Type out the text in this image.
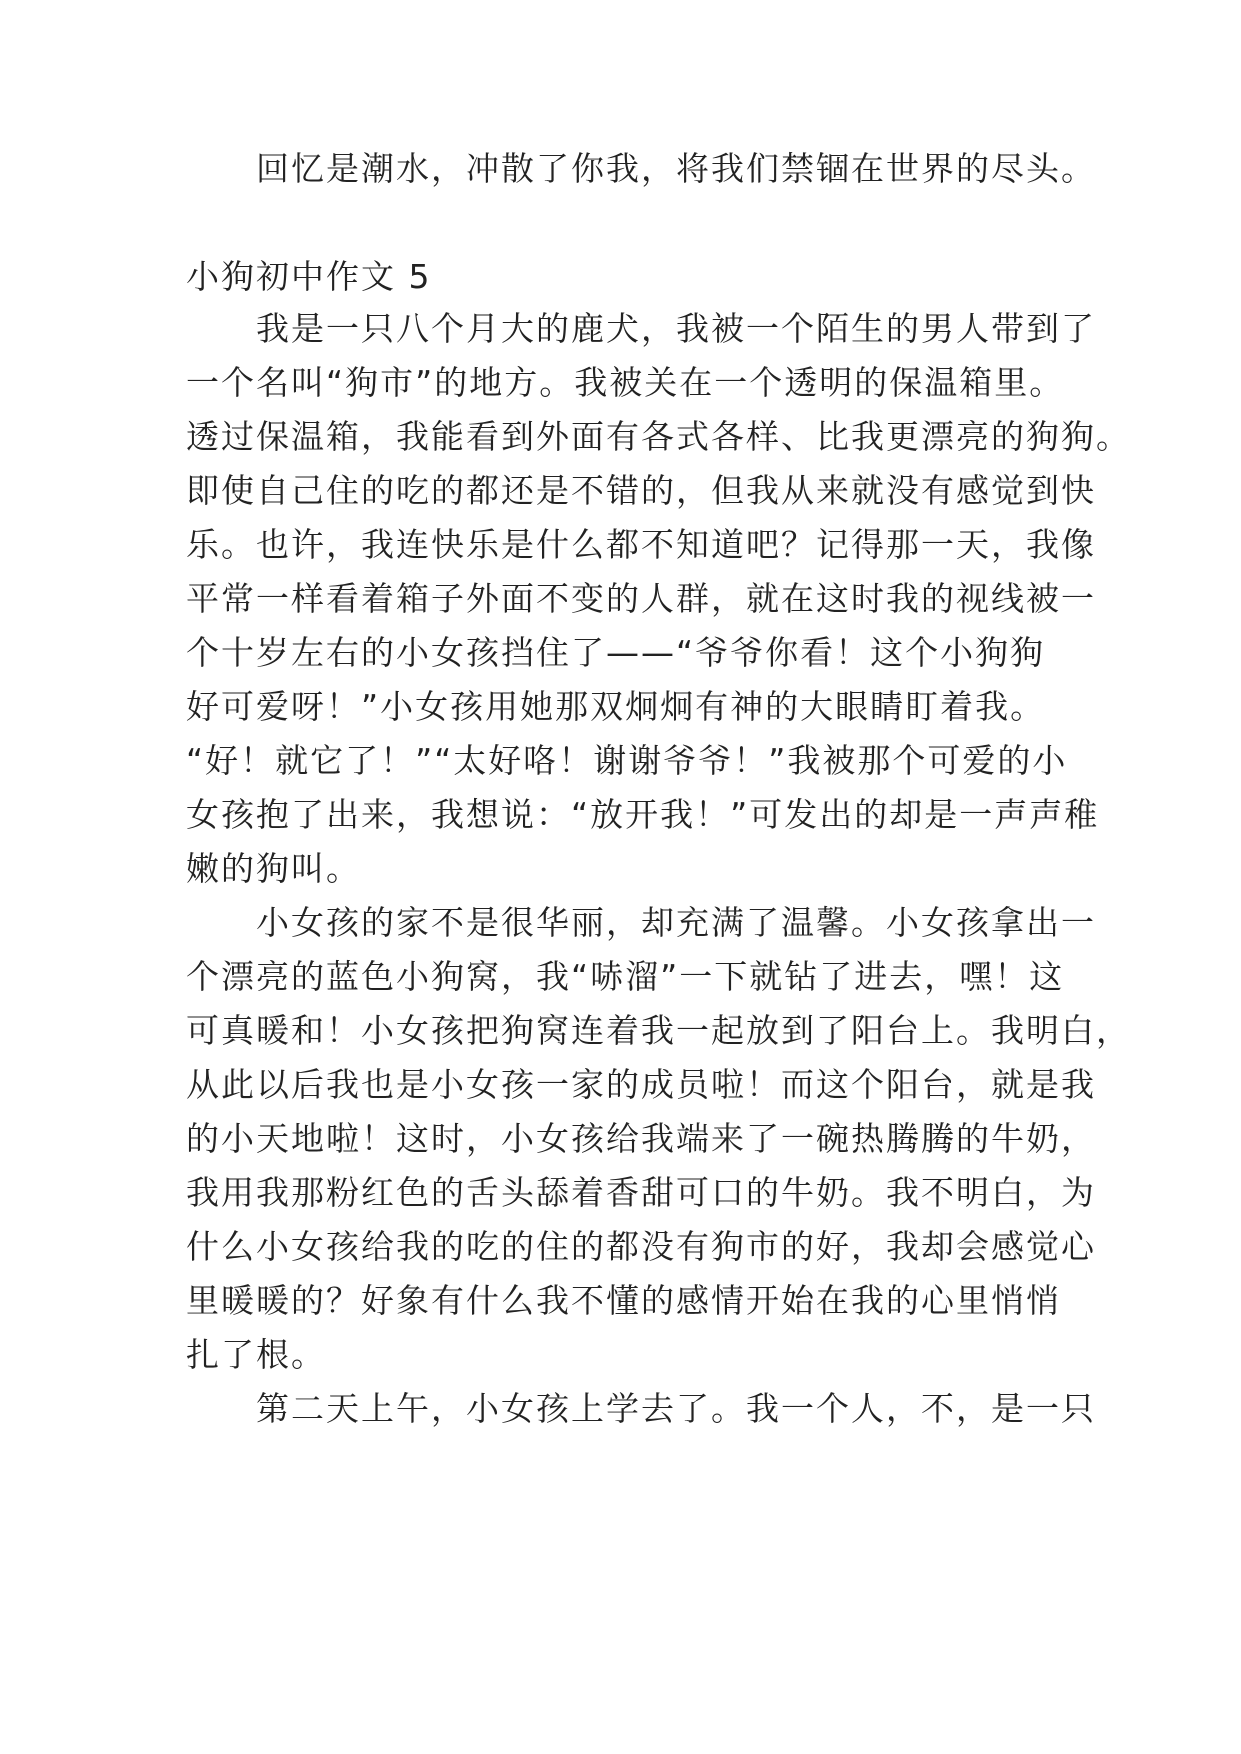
回忆是潮水，冲散了你我，将我们禁锢在世界的尽头。
小狗初中作文 5
我是一只八个月大的鹿犬，我被一个陌生的男人带到了
一个名叫“狗市”的地方。我被关在一个透明的保温箱里。
透过保温箱，我能看到外面有各式各样、比我更漂亮的狗狗。
即使自己住的吃的都还是不错的，但我从来就没有感觉到快
乐。也许，我连快乐是什么都不知道吧？记得那一天，我像
平常一样看着箱子外面不变的人群，就在这时我的视线被一
个十岁左右的小女孩挡住了——“爷爷你看！这个小狗狗
好可爱呀！”小女孩用她那双炯炯有神的大眼睛盯着我。
“好！就它了！”“太好咯！谢谢爷爷！”我被那个可爱的小
女孩抱了出来，我想说：“放开我！”可发出的却是一声声稚
嫩的狗叫。
小女孩的家不是很华丽，却充满了温馨。小女孩拿出一
个漂亮的蓝色小狗窝，我“哧溜”一下就钻了进去，嘿！这
可真暖和！小女孩把狗窝连着我一起放到了阳台上。我明白，
从此以后我也是小女孩一家的成员啦！而这个阳台，就是我
的小天地啦！这时，小女孩给我端来了一碗热腾腾的牛奶，
我用我那粉红色的舌头舔着香甜可口的牛奶。我不明白，为
什么小女孩给我的吃的住的都没有狗市的好，我却会感觉心
里暖暖的？好象有什么我不懂的感情开始在我的心里悄悄
扎了根。
第二天上午，小女孩上学去了。我一个人，不，是一只
